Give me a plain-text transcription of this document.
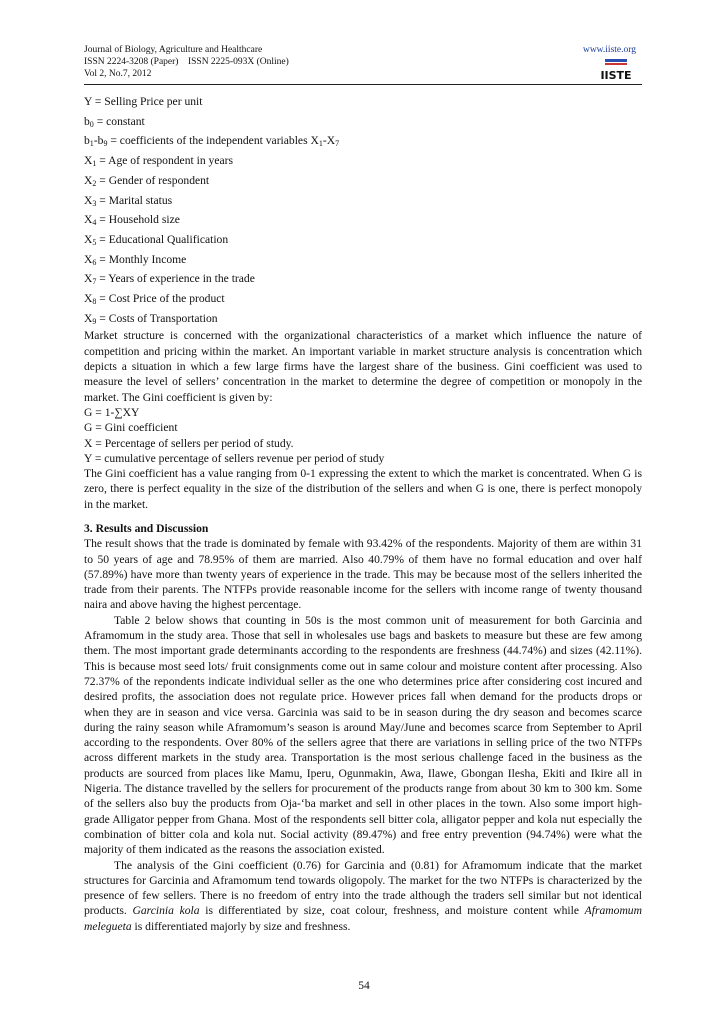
Journal of Biology, Agriculture and Healthcare
ISSN 2224-3208 (Paper)    ISSN 2225-093X (Online)
Vol 2, No.7, 2012
www.iiste.org
IISTE
Y = Selling Price per unit
$b_0$ = constant
$b_1-b_9$ = coefficients of the independent variables $X_1-X_7$
$X_1$ = Age of respondent in years
$X_2$ = Gender of respondent
$X_3$ = Marital status
$X_4$ = Household size
$X_5$ = Educational Qualification
$X_6$ = Monthly Income
$X_7$ = Years of experience in the trade
$X_8$ = Cost Price of the product
$X_9$ = Costs of Transportation
Market structure is concerned with the organizational characteristics of a market which influence the nature of competition and pricing within the market. An important variable in market structure analysis is concentration which depicts a situation in which a few large firms have the largest share of the business. Gini coefficient was used to measure the level of sellers’ concentration in the market to determine the degree of competition or monopoly in the market. The Gini coefficient is given by:
G = 1-∑XY
G = Gini coefficient
X = Percentage of sellers per period of study.
Y = cumulative percentage of sellers revenue per period of study
The Gini coefficient has a value ranging from 0-1 expressing the extent to which the market is concentrated. When G is zero, there is perfect equality in the size of the distribution of the sellers and when G is one, there is perfect monopoly in the market.
3. Results and Discussion
The result shows that the trade is dominated by female with 93.42% of the respondents. Majority of them are within 31 to 50 years of age and 78.95% of them are married. Also 40.79% of them have no formal education and over half (57.89%) have more than twenty years of experience in the trade. This may be because most of the sellers inherited the trade from their parents. The NTFPs provide reasonable income for the sellers with income range of twenty thousand naira and above having the highest percentage.
Table 2 below shows that counting in 50s is the most common unit of measurement for both Garcinia and Aframomum in the study area. Those that sell in wholesales use bags and baskets to measure but these are few among them. The most important grade determinants according to the respondents are freshness (44.74%) and sizes (42.11%). This is because most seed lots/ fruit consignments come out in same colour and moisture content after processing. Also 72.37% of the repondents indicate individual seller as the one who determines price after considering cost incured and desired profits, the association does not regulate price. However prices fall when demand for the products drops or when they are in season and vice versa. Garcinia was said to be in season during the dry season and becomes scarce during the rainy season while Aframomum’s season is around May/June and becomes scarce from September to April according to the respondents. Over 80% of the sellers agree that there are variations in selling price of the two NTFPs across different markets in the study area. Transportation is the most serious challenge faced in the business as the products are sourced from places like Mamu, Iperu, Ogunmakin, Awa, Ilawe, Gbongan Ilesha, Ekiti and Ikire all in Nigeria. The distance travelled by the sellers for procurement of the products range from about 30 km to 300 km. Some of the sellers also buy the products from Oja-‘ba market and sell in other places in the town. Also some import high-grade Alligator pepper from Ghana. Most of the respondents sell bitter cola, alligator pepper and kola nut especially the combination of bitter cola and kola nut. Social activity (89.47%) and free entry prevention (94.74%) were what the majority of them indicated as the reasons the association existed.
The analysis of the Gini coefficient (0.76) for Garcinia and (0.81) for Aframomum indicate that the market structures for Garcinia and Aframomum tend towards oligopoly. The market for the two NTFPs is characterized by the presence of few sellers. There is no freedom of entry into the trade although the traders sell similar but not identical products. Garcinia kola is differentiated by size, coat colour, freshness, and moisture content while Aframomum melegueta is differentiated majorly by size and freshness.
54
